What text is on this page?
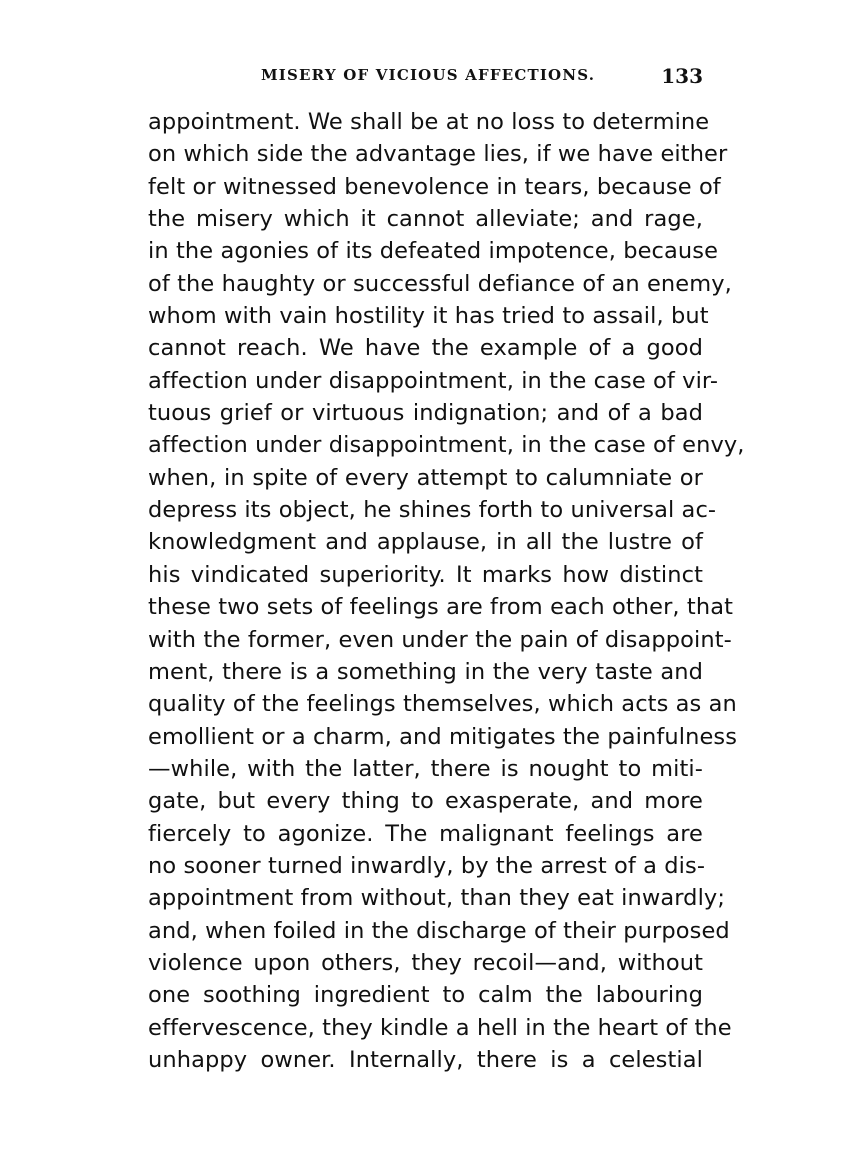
MISERY OF VICIOUS AFFECTIONS.	133
appointment. We shall be at no loss to determine
on which side the advantage lies, if we have either
felt or witnessed benevolence in tears, because of
the misery which it cannot alleviate; and rage,
in the agonies of its defeated impotence, because
of the haughty or successful defiance of an enemy,
whom with vain hostility it has tried to assail, but
cannot reach. We have the example of a good
affection under disappointment, in the case of vir-
tuous grief or virtuous indignation; and of a bad
affection under disappointment, in the case of envy,
when, in spite of every attempt to calumniate or
depress its object, he shines forth to universal ac-
knowledgment and applause, in all the lustre of
his vindicated superiority. It marks how distinct
these two sets of feelings are from each other, that
with the former, even under the pain of disappoint-
ment, there is a something in the very taste and
quality of the feelings themselves, which acts as an
emollient or a charm, and mitigates the painfulness
—while, with the latter, there is nought to miti-
gate, but every thing to exasperate, and more
fiercely to agonize. The malignant feelings are
no sooner turned inwardly, by the arrest of a dis-
appointment from without, than they eat inwardly;
and, when foiled in the discharge of their purposed
violence upon others, they recoil—and, without
one soothing ingredient to calm the labouring
effervescence, they kindle a hell in the heart of the
unhappy owner. Internally, there is a celestial
